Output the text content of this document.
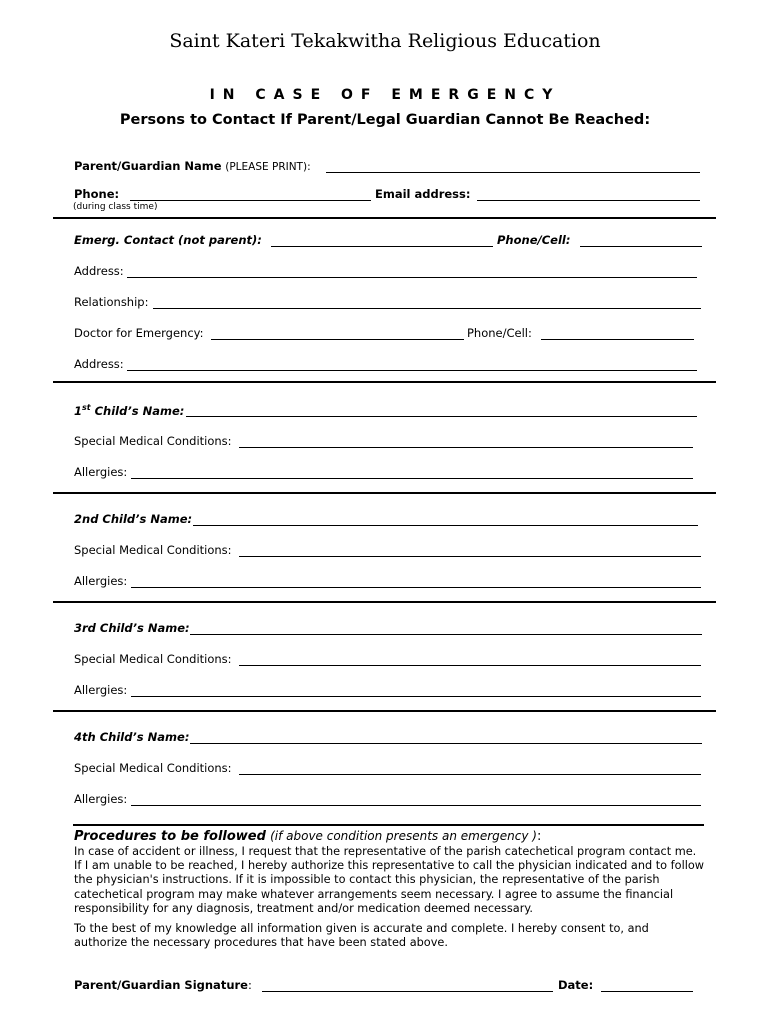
Saint Kateri Tekakwitha Religious Education
IN CASE OF EMERGENCY
Persons to Contact If Parent/Legal Guardian Cannot Be Reached:
Parent/Guardian Name (PLEASE PRINT):
Phone:	Email address:
(during class time)
Emerg. Contact (not parent):	Phone/Cell:
Address:
Relationship:
Doctor for Emergency:	Phone/Cell:
Address:
1st Child’s Name:
Special Medical Conditions:
Allergies:
2nd Child’s Name:
Special Medical Conditions:
Allergies:
3rd Child’s Name:
Special Medical Conditions:
Allergies:
4th Child’s Name:
Special Medical Conditions:
Allergies:
Procedures to be followed (if above condition presents an emergency ):
In case of accident or illness, I request that the representative of the parish catechetical program contact me. If I am unable to be reached, I hereby authorize this representative to call the physician indicated and to follow the physician's instructions. If it is impossible to contact this physician, the representative of the parish catechetical program may make whatever arrangements seem necessary. I agree to assume the financial responsibility for any diagnosis, treatment and/or medication deemed necessary.
To the best of my knowledge all information given is accurate and complete. I hereby consent to, and authorize the necessary procedures that have been stated above.
Parent/Guardian Signature:	Date:
